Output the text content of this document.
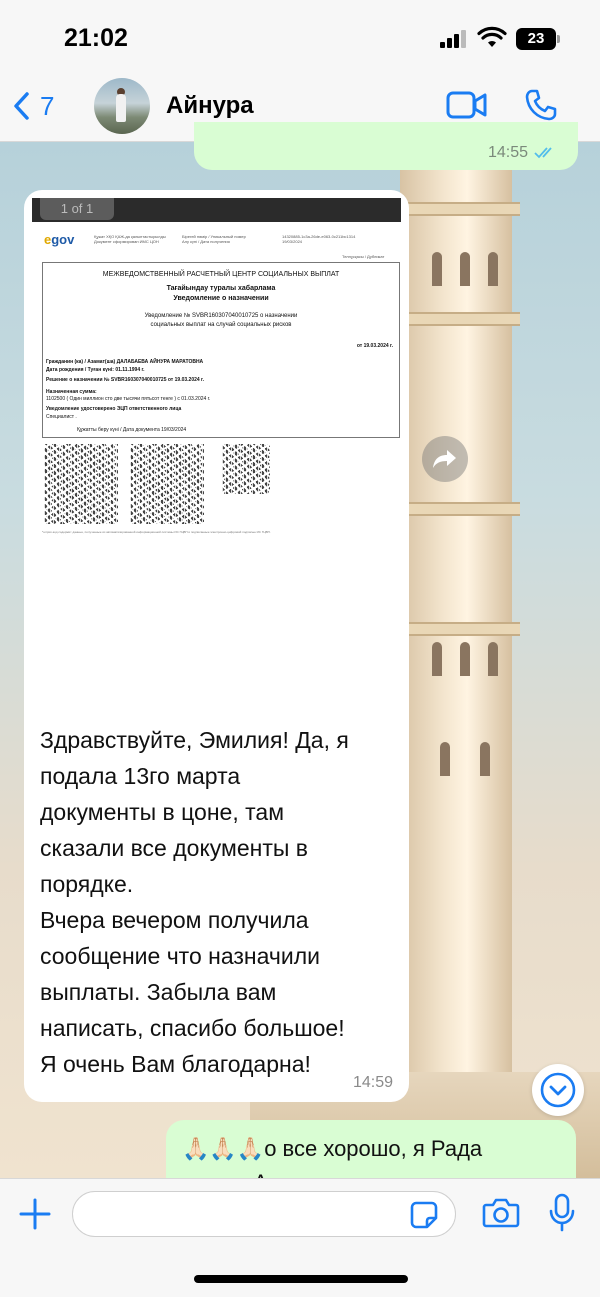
21:02	23
7	Айнура
14:55
1 of 1
egov	Құжат ХҚО ҚАЖ-да қалыптастырылды
Документ сформирован ИМС ЦОН
Бірегей нөмір / Уникальный номер
Алу күні / Дата получения
14320885-1c3a-26de-e063-0c211bc1314
19/03/2024
Телнұсқасы / Дубликат
МЕЖВЕДОМСТВЕННЫЙ РАСЧЕТНЫЙ ЦЕНТР СОЦИАЛЬНЫХ ВЫПЛАТ
Тағайындау туралы хабарлама
Уведомление о назначении
Уведомление № SVBR160307040010725 о назначении
социальных выплат на случай социальных рисков
от 19.03.2024 г.
Гражданин (ка) / Азамат(ша) ДАЛАБАЕВА АЙНУРА МАРАТОВНА
Дата рождения / Туған күні: 01.11.1994 г.
Решение о назначении № SVBR160307040010725 от 19.03.2024 г.
Назначенная сумма:
1102500 ( Один миллион сто две тысячи пятьсот тенге ) с 01.03.2024 г.
Уведомление удостоверено ЭЦП ответственного лица
Специалист .
Құжатты беру күні / Дата документа 19/03/2024
*штрих-код содержит данные, полученные из автоматизированной информационной системы ИС ГЦВП и подписанные электронно-цифровой подписью ИС ГЦВП.
Здравствуйте, Эмилия! Да, я
подала 13го марта
документы в цоне, там
сказали все документы в
порядке.
Вчера вечером получила
сообщение что назначили
выплаты. Забыла вам
написать, спасибо большое!
Я очень Вам благодарна!
14:59
🙏🏻🙏🏻🙏🏻о все хорошо, я Рада
